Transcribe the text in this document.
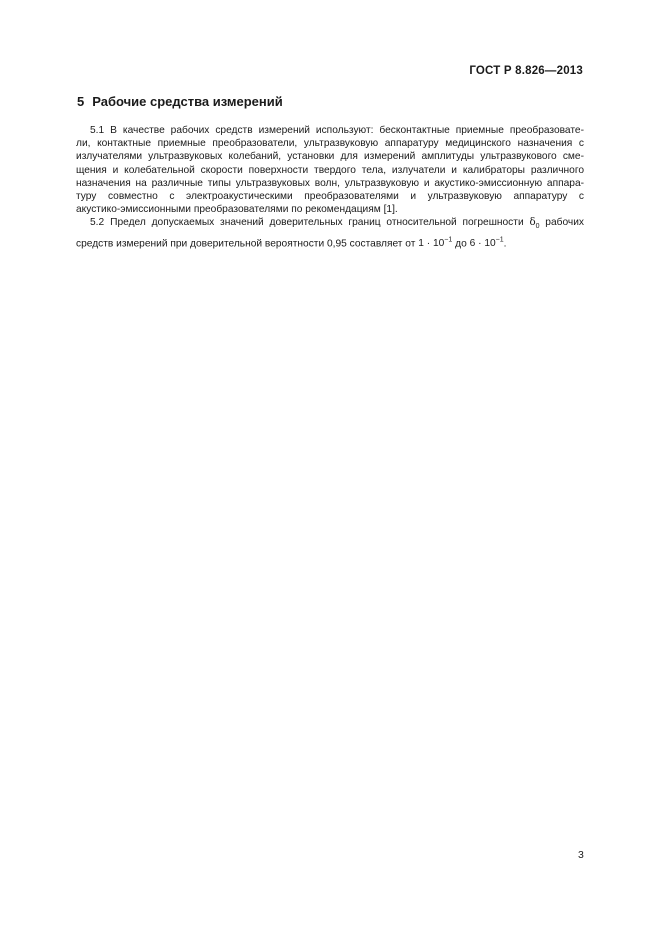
ГОСТ Р 8.826—2013
5 Рабочие средства измерений
5.1 В качестве рабочих средств измерений используют: бесконтактные приемные преобразовате-
ли, контактные приемные преобразователи, ультразвуковую аппаратуру медицинского назначения с
излучателями ультразвуковых колебаний, установки для измерений амплитуды ультразвукового сме-
щения и колебательной скорости поверхности твердого тела, излучатели и калибраторы различного
назначения на различные типы ультразвуковых волн, ультразвуковую и акустико-эмиссионную аппара-
туру совместно с электроакустическими преобразователями и ультразвуковую аппаратуру с
акустико-эмиссионными преобразователями по рекомендациям [1].
5.2 Предел допускаемых значений доверительных границ относительной погрешности $\delta_0$ рабочих
средств измерений при доверительной вероятности 0,95 составляет от $1 \cdot 10^{-1}$ до $6 \cdot 10^{-1}$.
3
